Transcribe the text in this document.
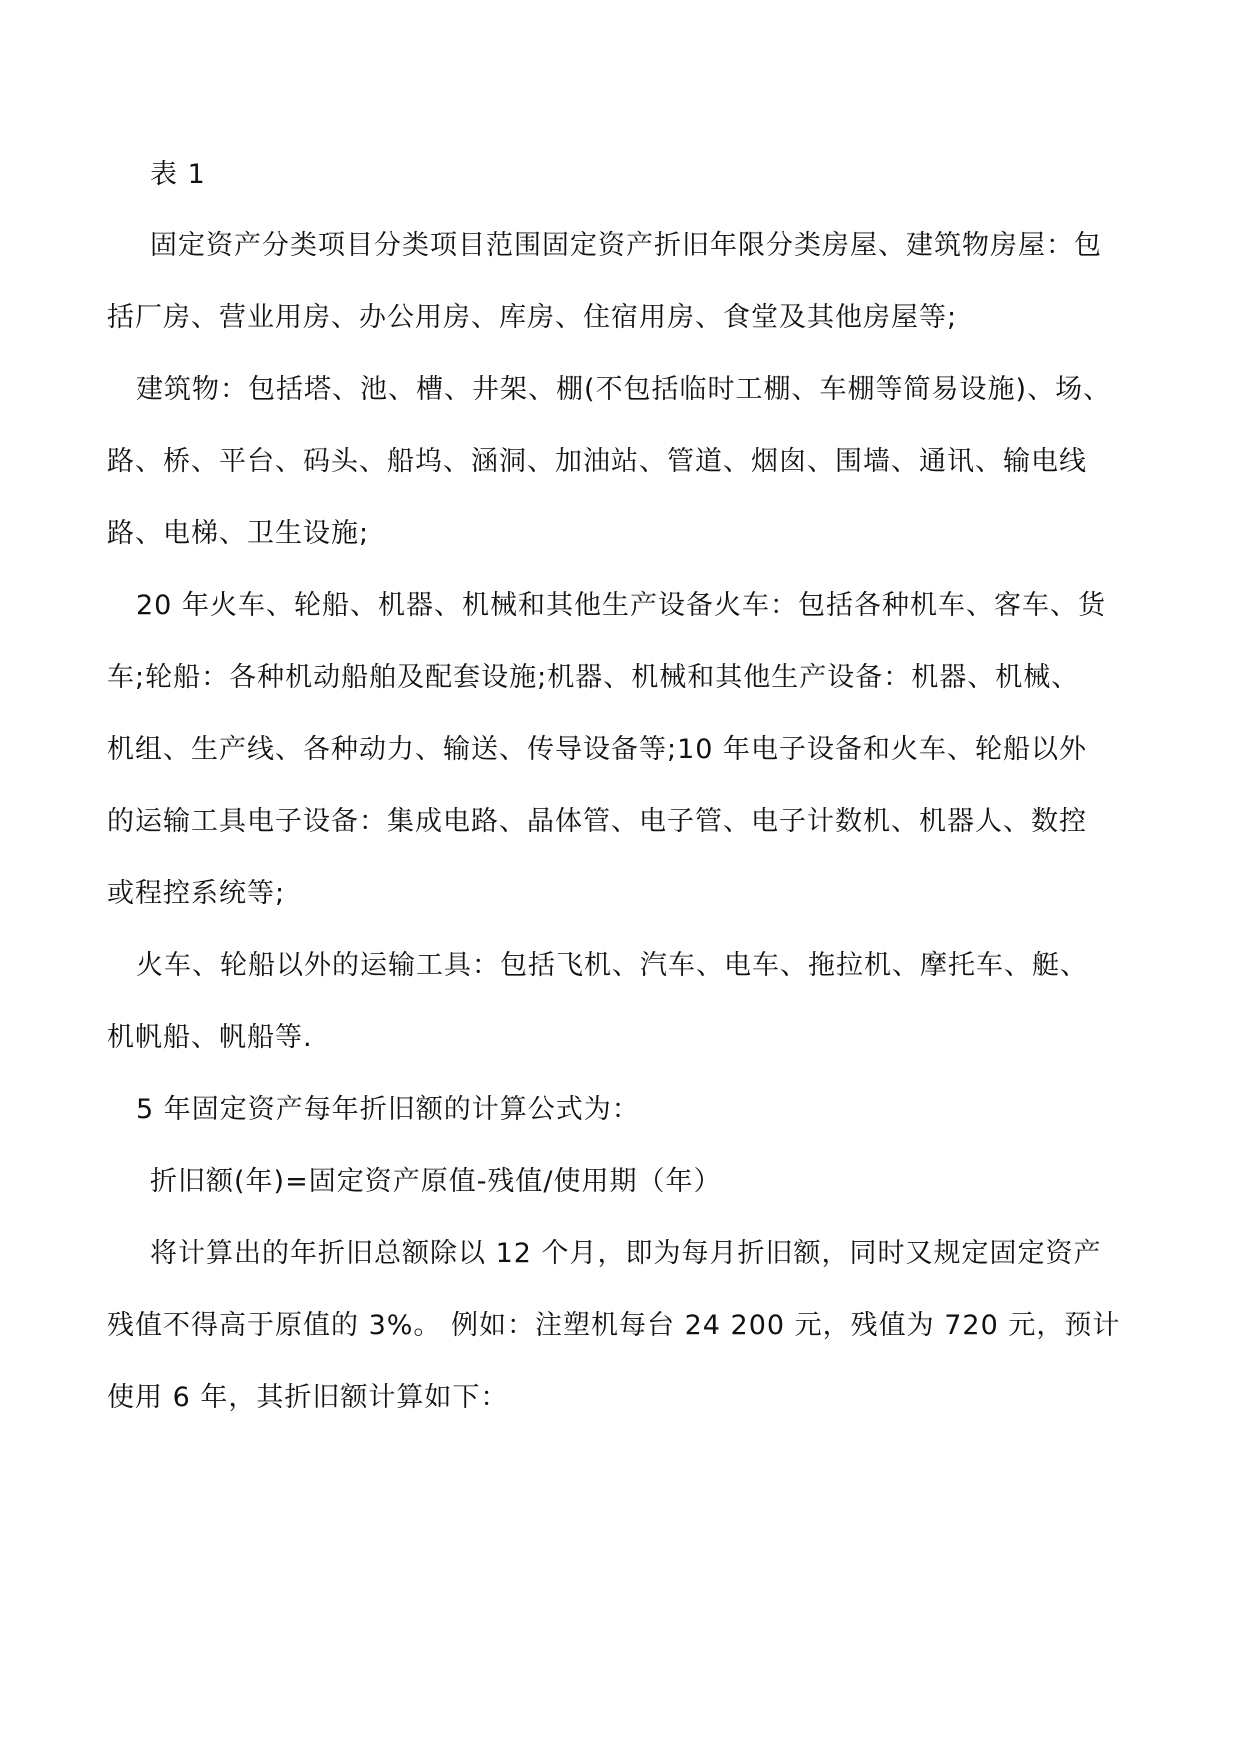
表 1
固定资产分类项目分类项目范围固定资产折旧年限分类房屋、建筑物房屋：包
括厂房、营业用房、办公用房、库房、住宿用房、食堂及其他房屋等;
建筑物：包括塔、池、槽、井架、棚(不包括临时工棚、车棚等简易设施)、场、
路、桥、平台、码头、船坞、涵洞、加油站、管道、烟囱、围墙、通讯、输电线
路、电梯、卫生设施;
20 年火车、轮船、机器、机械和其他生产设备火车：包括各种机车、客车、货
车;轮船：各种机动船舶及配套设施;机器、机械和其他生产设备：机器、机械、
机组、生产线、各种动力、输送、传导设备等;10 年电子设备和火车、轮船以外
的运输工具电子设备：集成电路、晶体管、电子管、电子计数机、机器人、数控
或程控系统等;
火车、轮船以外的运输工具：包括飞机、汽车、电车、拖拉机、摩托车、艇、
机帆船、帆船等.
5 年固定资产每年折旧额的计算公式为：
折旧额(年)=固定资产原值-残值/使用期（年）
将计算出的年折旧总额除以 12 个月，即为每月折旧额，同时又规定固定资产
残值不得高于原值的 3%。 例如：注塑机每台 24 200 元，残值为 720 元，预计
使用 6 年，其折旧额计算如下：
